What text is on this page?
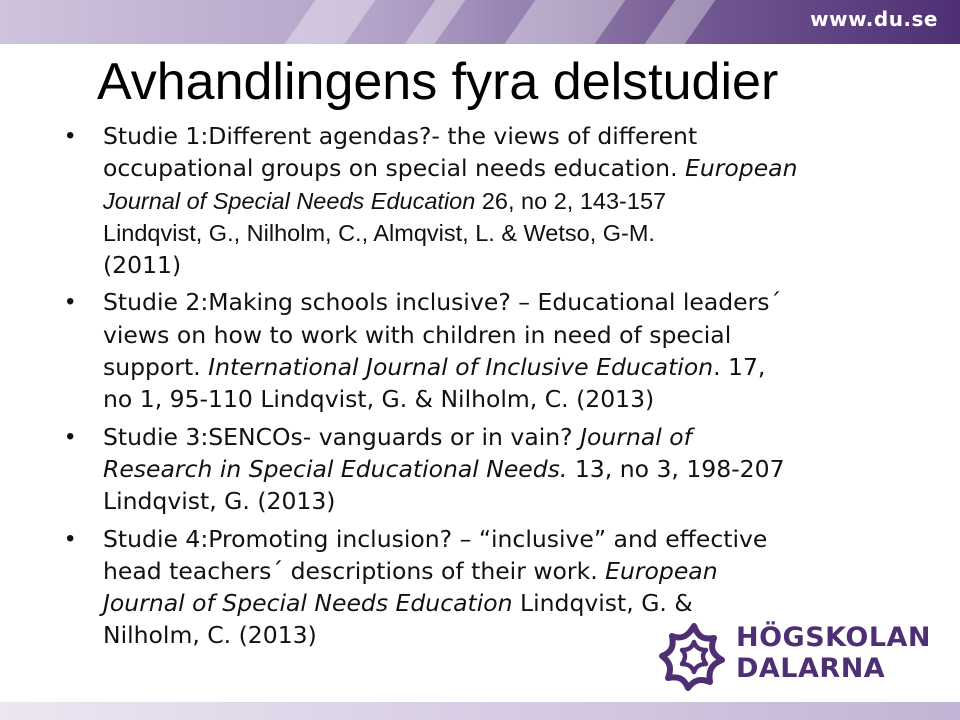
www.du.se
Avhandlingens fyra delstudier
• Studie 1:Different agendas?- the views of different
occupational groups on special needs education. European
Journal of Special Needs Education 26, no 2, 143-157
Lindqvist, G., Nilholm, C., Almqvist, L. & Wetso, G-M.
(2011)
• Studie 2:Making schools inclusive? – Educational leaders´
views on how to work with children in need of special
support. International Journal of Inclusive Education. 17,
no 1, 95-110 Lindqvist, G. & Nilholm, C. (2013)
• Studie 3:SENCOs- vanguards or in vain? Journal of
Research in Special Educational Needs. 13, no 3, 198-207
Lindqvist, G. (2013)
• Studie 4:Promoting inclusion? – “inclusive” and effective
head teachers´ descriptions of their work. European
Journal of Special Needs Education Lindqvist, G. &
Nilholm, C. (2013)	HÖGSKOLAN
DALARNA
